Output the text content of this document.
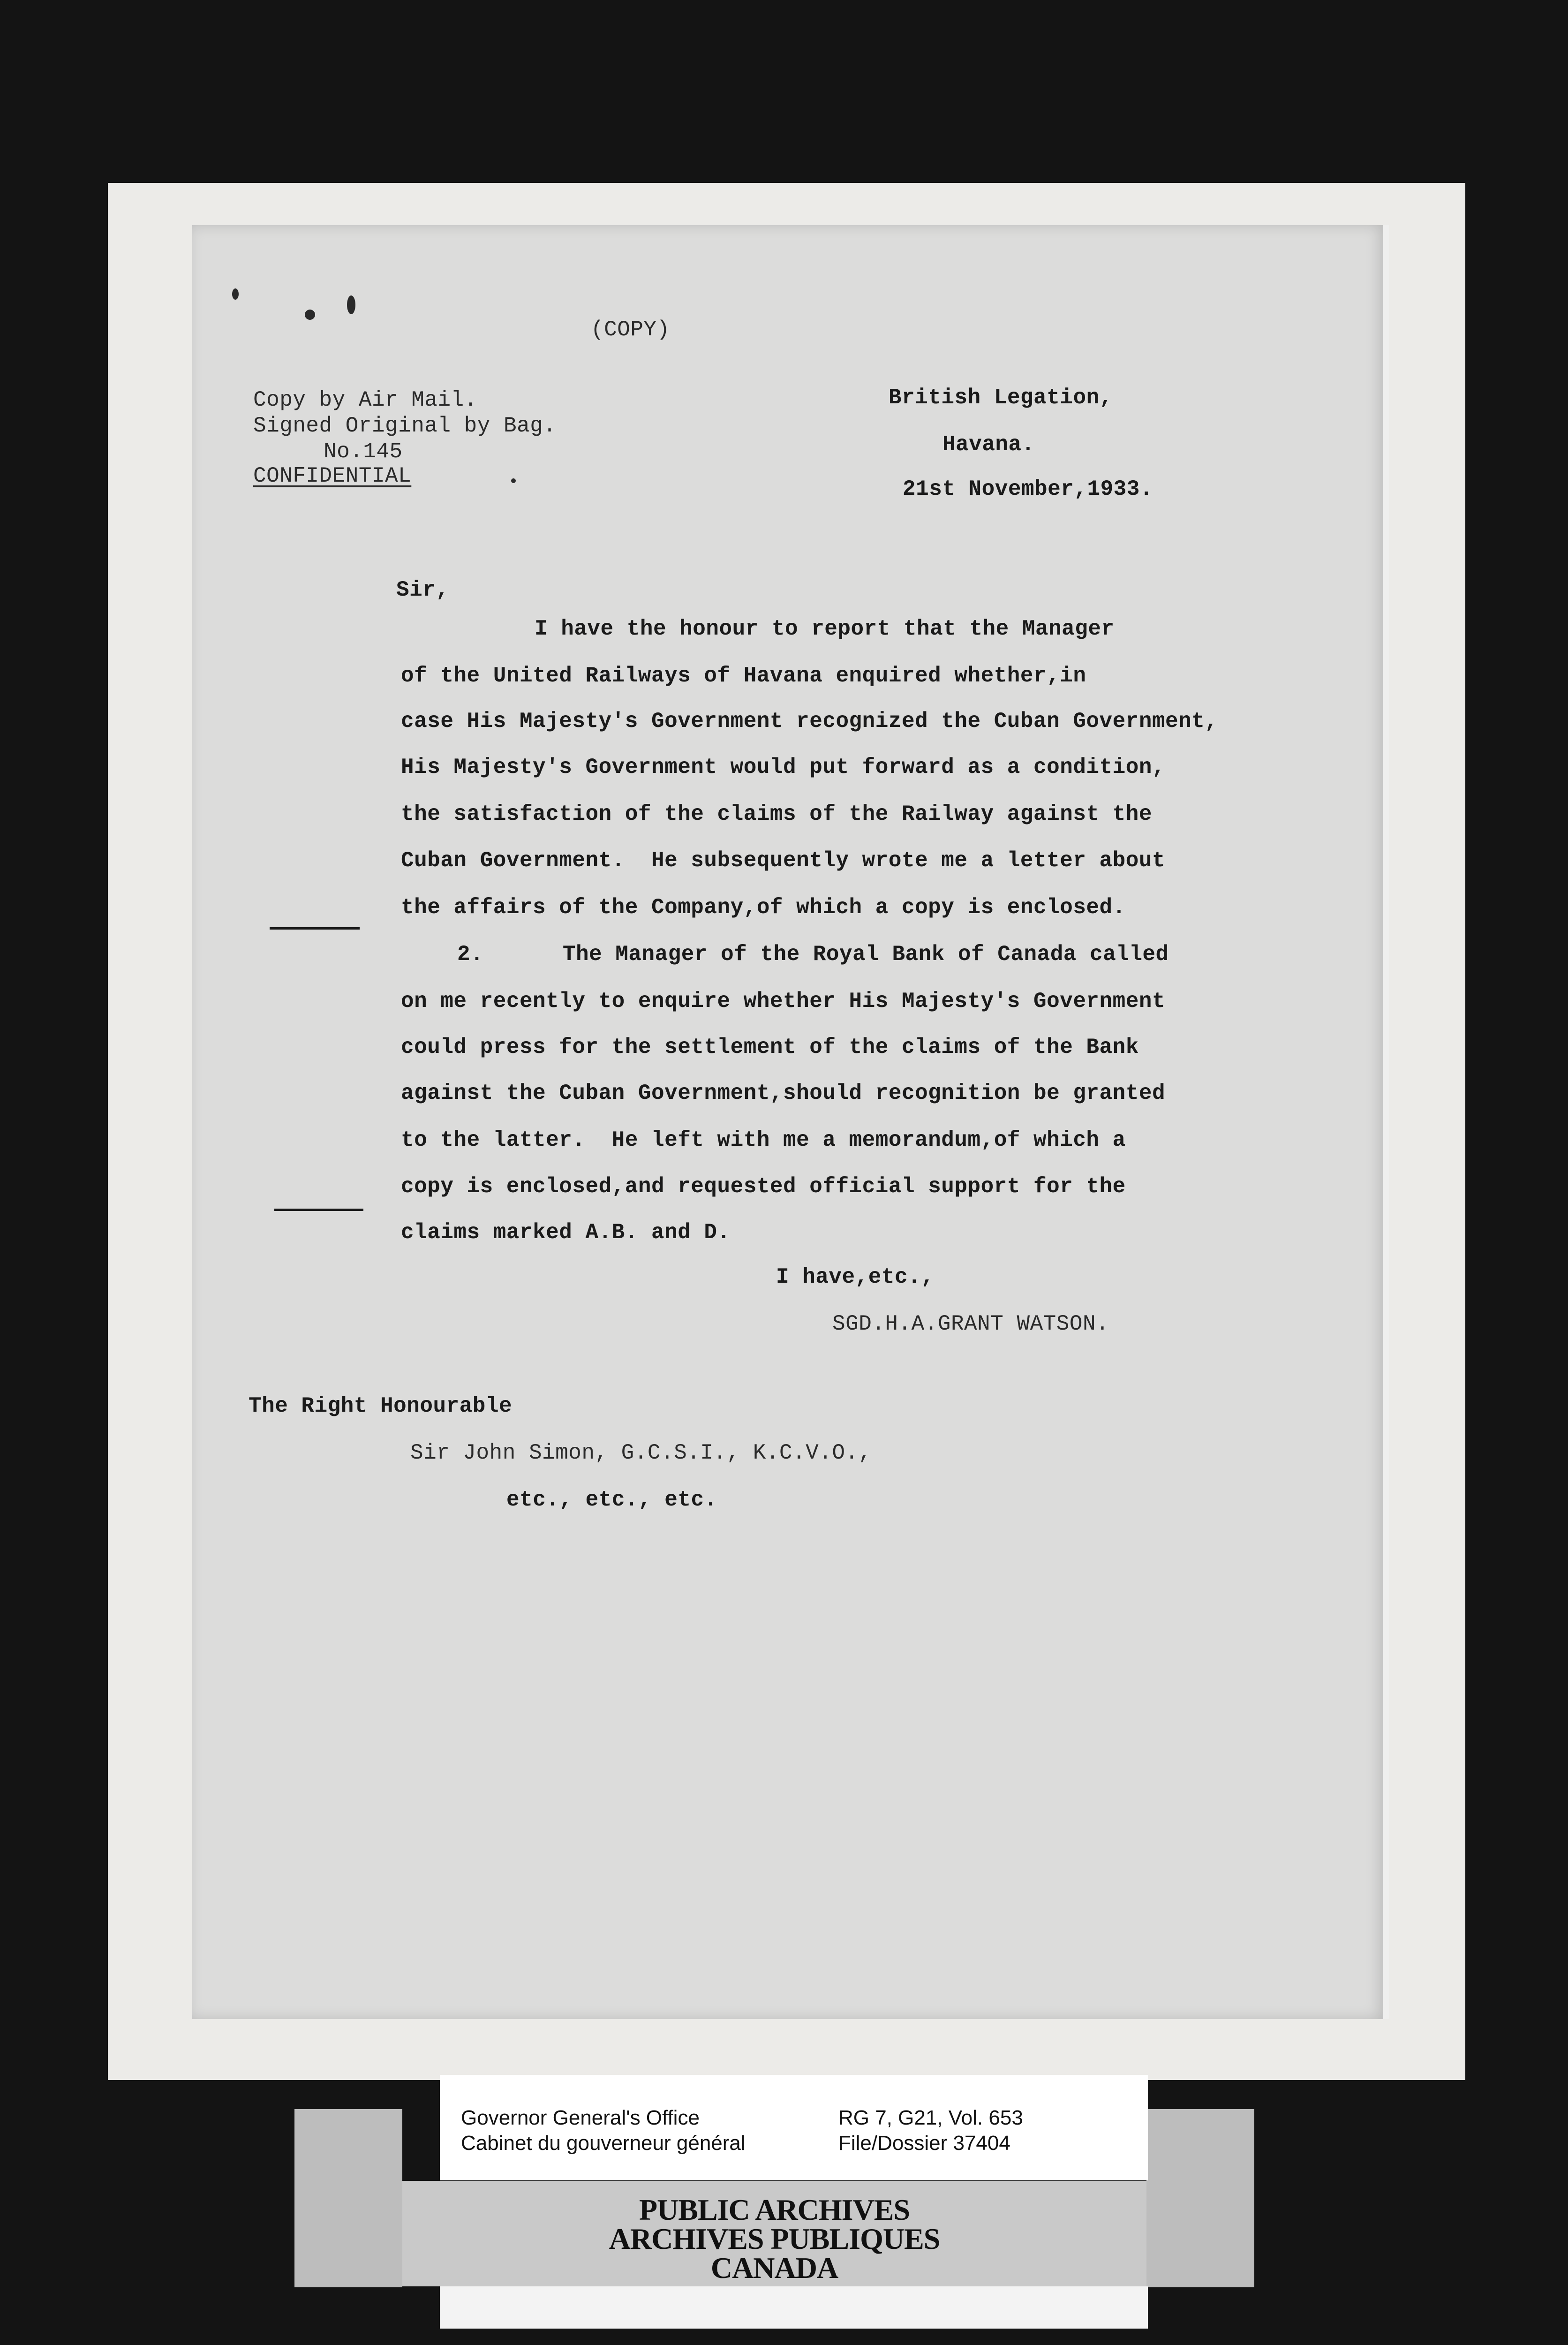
(COPY)
Copy by Air Mail.
Signed Original by Bag.
No.145
CONFIDENTIAL
British Legation,
Havana.
21st November,1933.
Sir,
I have the honour to report that the Manager
of the United Railways of Havana enquired whether,in
case His Majesty's Government recognized the Cuban Government,
His Majesty's Government would put forward as a condition,
the satisfaction of the claims of the Railway against the
Cuban Government.  He subsequently wrote me a letter about
the affairs of the Company,of which a copy is enclosed.
2.      The Manager of the Royal Bank of Canada called
on me recently to enquire whether His Majesty's Government
could press for the settlement of the claims of the Bank
against the Cuban Government,should recognition be granted
to the latter.  He left with me a memorandum,of which a
copy is enclosed,and requested official support for the
claims marked A.B. and D.
I have,etc.,
SGD.H.A.GRANT WATSON.
The Right Honourable
Sir John Simon, G.C.S.I., K.C.V.O.,
etc., etc., etc.
Governor General's Office
Cabinet du gouverneur général
RG 7, G21, Vol. 653
File/Dossier 37404
PUBLIC ARCHIVES
ARCHIVES PUBLIQUES
CANADA
